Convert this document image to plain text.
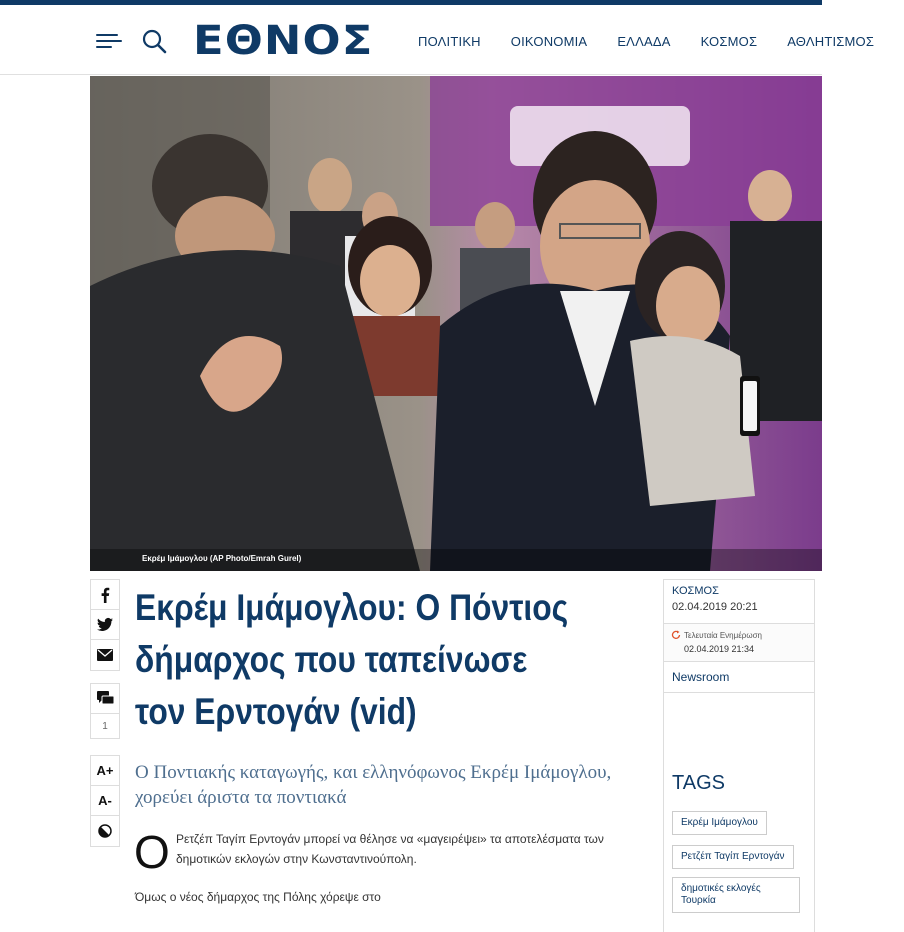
ΕΘΝΟΣ	ΠΟΛΙΤΙΚΗ ΟΙΚΟΝΟΜΙΑ ΕΛΛΑΔΑ ΚΟΣΜΟΣ ΑΘΛΗΤΙΣΜΟΣ
Εκρέμ Ιμάμογλου (AP Photo/Emrah Gurel)
1
A+
A-
Εκρέμ Ιμάμογλου: Ο Πόντιος δήμαρχος που ταπείνωσε τον Ερντογάν (vid)

Ο Ποντιακής καταγωγής, και ελληνόφωνος Εκρέμ Ιμάμογλου, χορεύει άριστα τα ποντιακά

Ο Ρετζέπ Ταγίπ Ερντογάν μπορεί να θέλησε να «μαγειρέψει» τα αποτελέσματα των δημοτικών εκλογών στην Κωνσταντινούπολη.

Όμως ο νέος δήμαρχος της Πόλης χόρεψε στο

ΚΟΣΜΟΣ
02.04.2019 20:21
Τελευταία Ενημέρωση
02.04.2019 21:34
Newsroom
TAGS
Εκρέμ Ιμάμογλου
Ρετζέπ Ταγίπ Ερντογάν
δημοτικές εκλογές Τουρκία
